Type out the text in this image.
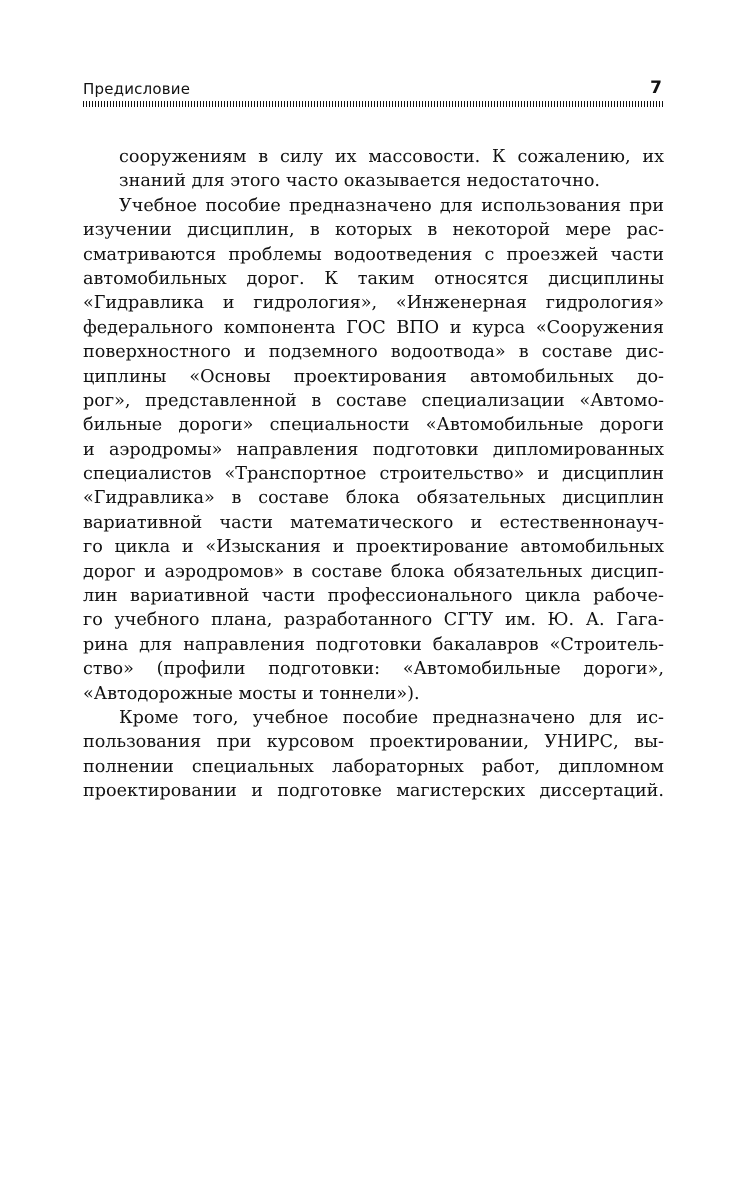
Предисловие	7
сооружениям в силу их массовости. К сожалению, их
знаний для этого часто оказывается недостаточно.
Учебное пособие предназначено для использования при
изучении дисциплин, в которых в некоторой мере рас-
сматриваются проблемы водоотведения с проезжей части
автомобильных дорог. К таким относятся дисциплины
«Гидравлика и гидрология», «Инженерная гидрология»
федерального компонента ГОС ВПО и курса «Сооружения
поверхностного и подземного водоотвода» в составе дис-
циплины «Основы проектирования автомобильных до-
рог», представленной в составе специализации «Автомо-
бильные дороги» специальности «Автомобильные дороги
и аэродромы» направления подготовки дипломированных
специалистов «Транспортное строительство» и дисциплин
«Гидравлика» в составе блока обязательных дисциплин
вариативной части математического и естественнонауч-
го цикла и «Изыскания и проектирование автомобильных
дорог и аэродромов» в составе блока обязательных дисцип-
лин вариативной части профессионального цикла рабоче-
го учебного плана, разработанного СГТУ им. Ю. А. Гага-
рина для направления подготовки бакалавров «Строитель-
ство» (профили подготовки: «Автомобильные дороги»,
«Автодорожные мосты и тоннели»).
Кроме того, учебное пособие предназначено для ис-
пользования при курсовом проектировании, УНИРС, вы-
полнении специальных лабораторных работ, дипломном
проектировании и подготовке магистерских диссертаций.
